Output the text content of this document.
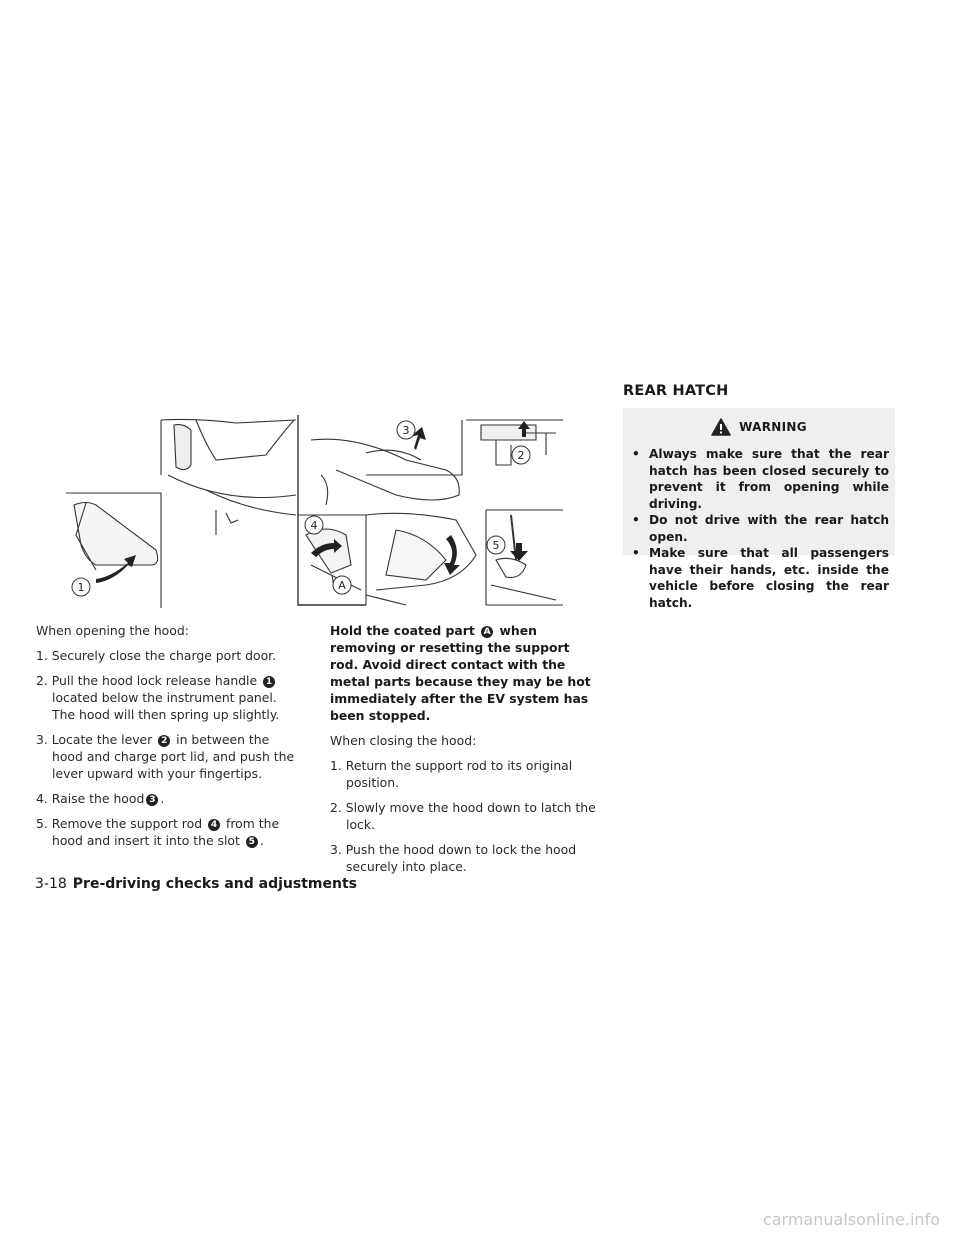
1
2
3
4
5
A

When opening the hood:

1. Securely close the charge port door.
2. Pull the hood lock release handle 1 located below the instrument panel. The hood will then spring up slightly.
3. Locate the lever 2 in between the hood and charge port lid, and push the lever upward with your fingertips.
4. Raise the hood 3 .
5. Remove the support rod 4 from the hood and insert it into the slot 5 .

Hold the coated part A when removing or resetting the support rod. Avoid direct contact with the metal parts because they may be hot immediately after the EV system has been stopped.

When closing the hood:

1. Return the support rod to its original position.
2. Slowly move the hood down to latch the lock.
3. Push the hood down to lock the hood securely into place.
REAR HATCH
WARNING
• Always make sure that the rear hatch has been closed securely to prevent it from opening while driving.
• Do not drive with the rear hatch open.
• Make sure that all passengers have their hands, etc. inside the vehicle before closing the rear hatch.
3-18 Pre-driving checks and adjustments
carmanualsonline.info
